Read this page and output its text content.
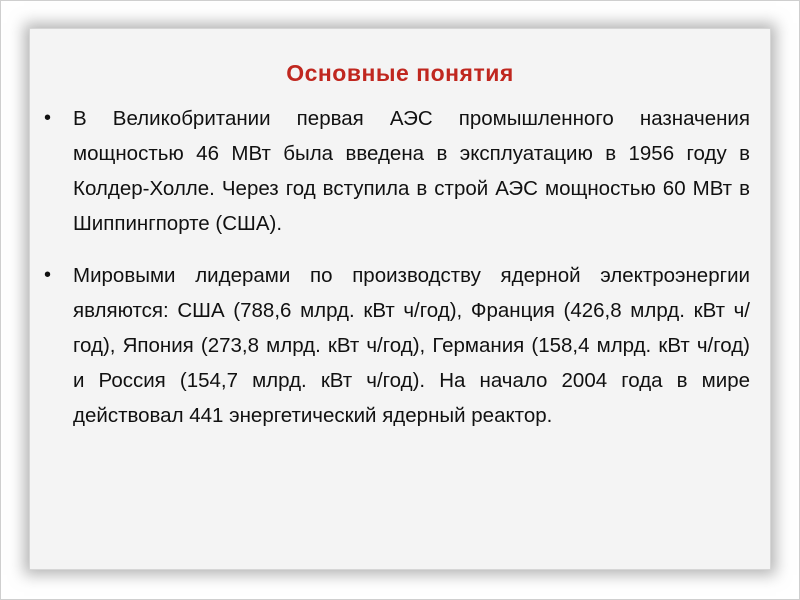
Основные понятия
• В Великобритании первая АЭС промышленного назначения мощностью 46 МВт была введена в эксплуатацию в 1956 году в Колдер-Холле. Через год вступила в строй АЭС мощностью 60 МВт в Шиппингпорте (США).
• Мировыми лидерами по производству ядерной электроэнергии являются: США (788,6 млрд. кВт ч/год), Франция (426,8 млрд. кВт ч/год), Япония (273,8 млрд. кВт ч/год), Германия (158,4 млрд. кВт ч/год) и Россия (154,7 млрд. кВт ч/год). На начало 2004 года в мире действовал 441 энергетический ядерный реактор.
